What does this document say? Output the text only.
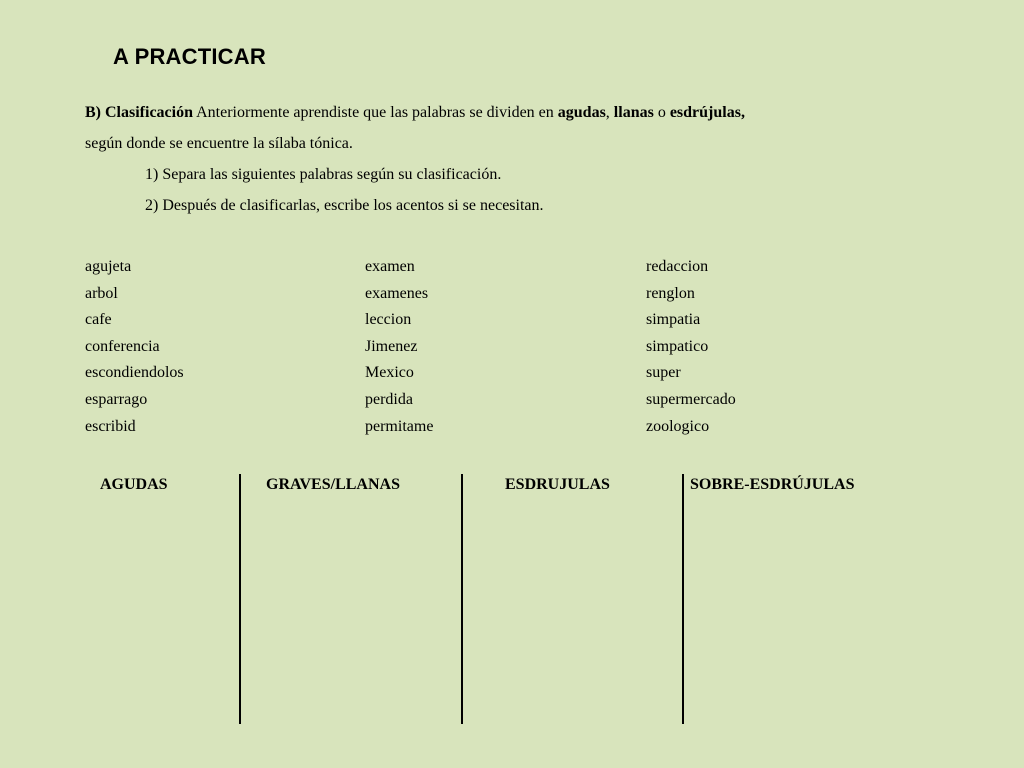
A PRACTICAR
B) Clasificación Anteriormente aprendiste que las palabras se dividen en agudas, llanas o esdrújulas,
según donde se encuentre la sílaba tónica.
1) Separa las siguientes palabras según su clasificación.
2) Después de clasificarlas, escribe los acentos si se necesitan.
agujeta
arbol
cafe
conferencia
escondiendolos
esparrago
escribid
examen
examenes
leccion
Jimenez
Mexico
perdida
permitame
redaccion
renglon
simpatia
simpatico
super
supermercado
zoologico
AGUDAS	GRAVES/LLANAS	ESDRUJULAS	SOBRE-ESDRÚJULAS
